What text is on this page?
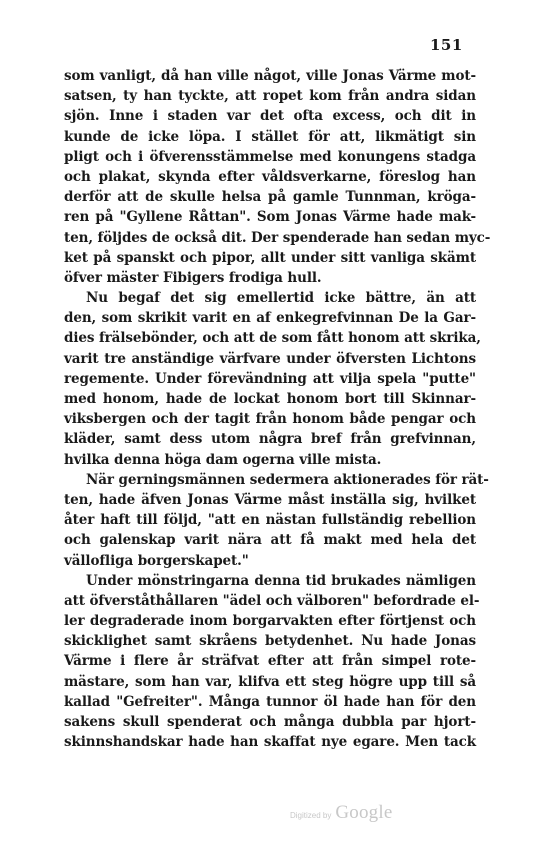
151
som vanligt, då han ville något, ville Jonas Värme mot-
satsen, ty han tyckte, att ropet kom från andra sidan
sjön. Inne i staden var det ofta excess, och dit in
kunde de icke löpa. I stället för att, likmätigt sin
pligt och i öfverensstämmelse med konungens stadga
och plakat, skynda efter våldsverkarne, föreslog han
derför att de skulle helsa på gamle Tunnman, kröga-
ren på "Gyllene Råttan". Som Jonas Värme hade mak-
ten, följdes de också dit. Der spenderade han sedan myc-
ket på spanskt och pipor, allt under sitt vanliga skämt
öfver mäster Fibigers frodiga hull.
Nu begaf det sig emellertid icke bättre, än att
den, som skrikit varit en af enkegrefvinnan De la Gar-
dies frälsebönder, och att de som fått honom att skrika,
varit tre anständige värfvare under öfversten Lichtons
regemente. Under förevändning att vilja spela "putte"
med honom, hade de lockat honom bort till Skinnar-
viksbergen och der tagit från honom både pengar och
kläder, samt dess utom några bref från grefvinnan,
hvilka denna höga dam ogerna ville mista.
När gerningsmännen sedermera aktionerades för rät-
ten, hade äfven Jonas Värme måst inställa sig, hvilket
åter haft till följd, "att en nästan fullständig rebellion
och galenskap varit nära att få makt med hela det
vällofliga borgerskapet."
Under mönstringarna denna tid brukades nämligen
att öfverståthållaren "ädel och välboren" befordrade el-
ler degraderade inom borgarvakten efter förtjenst och
skicklighet samt skråens betydenhet. Nu hade Jonas
Värme i flere år sträfvat efter att från simpel rote-
mästare, som han var, klifva ett steg högre upp till så
kallad "Gefreiter". Många tunnor öl hade han för den
sakens skull spenderat och många dubbla par hjort-
skinnshandskar hade han skaffat nye egare. Men tack
Digitized by Google
